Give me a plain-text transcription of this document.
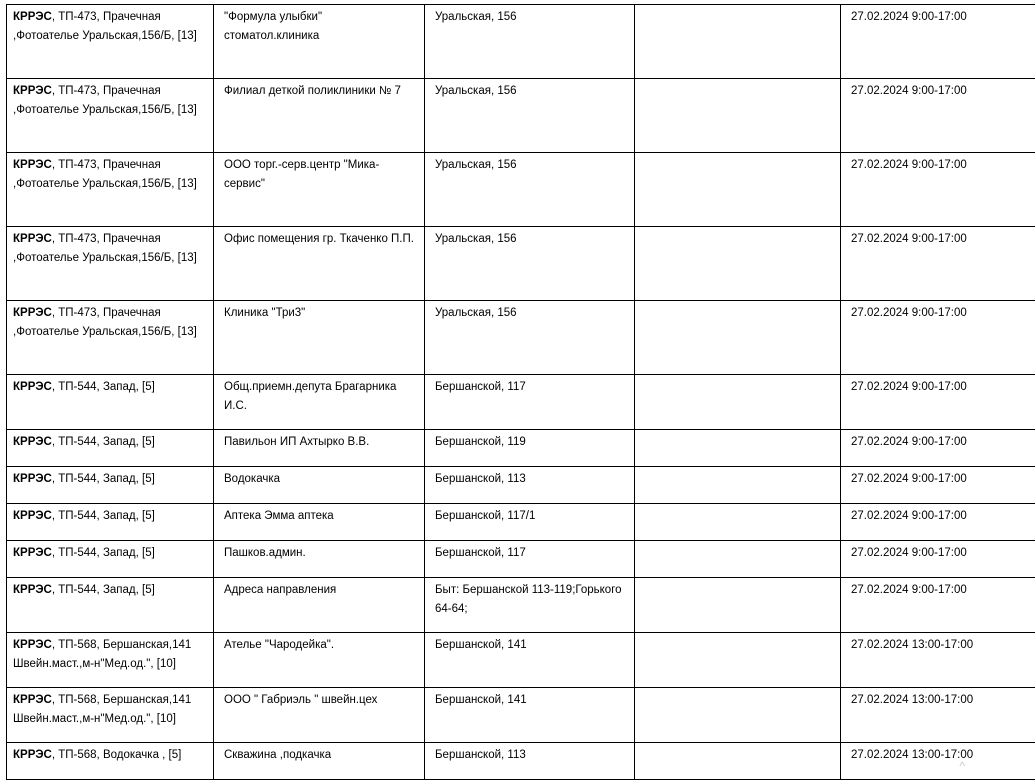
КРРЭС, ТП-473, Прачечная ,Фотоателье Уральская,156/Б, [13]	"Формула улыбки" стоматол.клиника	Уральская, 156		27.02.2024 9:00-17:00
КРРЭС, ТП-473, Прачечная ,Фотоателье Уральская,156/Б, [13]	Филиал деткой поликлиники № 7	Уральская, 156		27.02.2024 9:00-17:00
КРРЭС, ТП-473, Прачечная ,Фотоателье Уральская,156/Б, [13]	ООО торг.-серв.центр "Мика-сервис"	Уральская, 156		27.02.2024 9:00-17:00
КРРЭС, ТП-473, Прачечная ,Фотоателье Уральская,156/Б, [13]	Офис помещения гр. Ткаченко П.П.	Уральская, 156		27.02.2024 9:00-17:00
КРРЭС, ТП-473, Прачечная ,Фотоателье Уральская,156/Б, [13]	Клиника "Три3"	Уральская, 156		27.02.2024 9:00-17:00
КРРЭС, ТП-544, Запад, [5]	Общ.приемн.депута Брагарника И.С.	Бершанской, 117		27.02.2024 9:00-17:00
КРРЭС, ТП-544, Запад, [5]	Павильон ИП Ахтырко В.В.	Бершанской, 119		27.02.2024 9:00-17:00
КРРЭС, ТП-544, Запад, [5]	Водокачка	Бершанской, 113		27.02.2024 9:00-17:00
КРРЭС, ТП-544, Запад, [5]	Аптека Эмма аптека	Бершанской, 117/1		27.02.2024 9:00-17:00
КРРЭС, ТП-544, Запад, [5]	Пашков.админ.	Бершанской, 117		27.02.2024 9:00-17:00
КРРЭС, ТП-544, Запад, [5]	Адреса направления	Быт: Бершанской 113-119;Горького 64-64;		27.02.2024 9:00-17:00
КРРЭС, ТП-568, Бершанская,141 Швейн.маст.,м-н"Мед.од.", [10]	Ателье "Чародейка".	Бершанской, 141		27.02.2024 13:00-17:00
КРРЭС, ТП-568, Бершанская,141 Швейн.маст.,м-н"Мед.од.", [10]	ООО " Габриэль " швейн.цех	Бершанской, 141		27.02.2024 13:00-17:00
КРРЭС, ТП-568, Водокачка , [5]	Скважина ,подкачка	Бершанской, 113		27.02.2024 13:00-17:00
^
